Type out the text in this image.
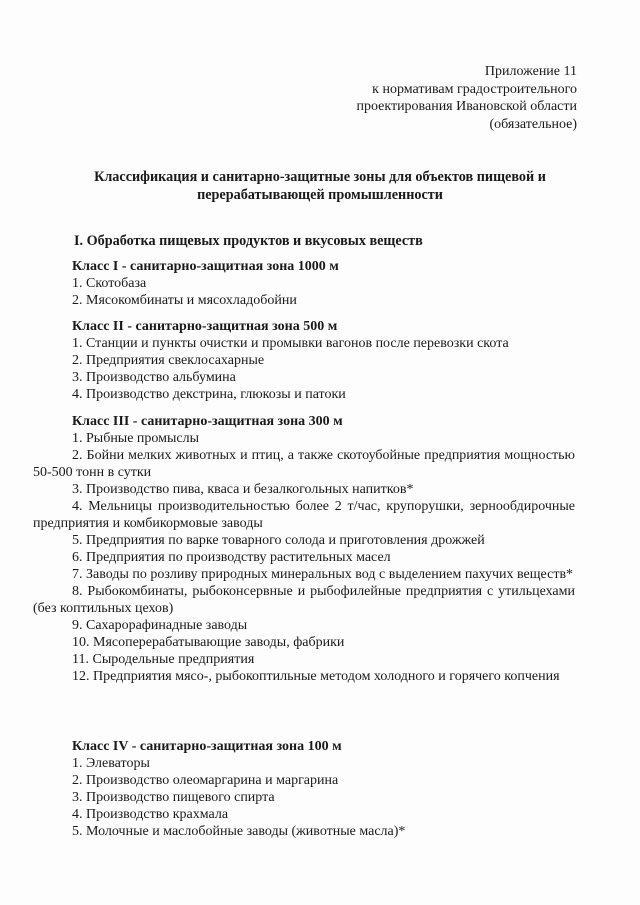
Приложение 11
к нормативам градостроительного
проектирования Ивановской области
(обязательное)
Классификация и санитарно-защитные зоны для объектов пищевой и
перерабатывающей промышленности
I. Обработка пищевых продуктов и вкусовых веществ
Класс I - санитарно-защитная зона 1000 м
1. Скотобаза
2. Мясокомбинаты и мясохладобойни
Класс II - санитарно-защитная зона 500 м
1. Станции и пункты очистки и промывки вагонов после перевозки скота
2. Предприятия свеклосахарные
3. Производство альбумина
4. Производство декстрина, глюкозы и патоки
Класс III - санитарно-защитная зона 300 м
1. Рыбные промыслы
2. Бойни мелких животных и птиц, а также скотоубойные предприятия мощностью 50-500 тонн в сутки
3. Производство пива, кваса и безалкогольных напитков*
4. Мельницы производительностью более 2 т/час, крупорушки, зернообдирочные предприятия и комбикормовые заводы
5. Предприятия по варке товарного солода и приготовления дрожжей
6. Предприятия по производству растительных масел
7. Заводы по розливу природных минеральных вод с выделением пахучих веществ*
8. Рыбокомбинаты, рыбоконсервные и рыбофилейные предприятия с утильцехами (без коптильных цехов)
9. Сахарорафинадные заводы
10. Мясоперерабатывающие заводы, фабрики
11. Сыродельные предприятия
12. Предприятия мясо-, рыбокоптильные методом холодного и горячего копчения
Класс IV - санитарно-защитная зона 100 м
1. Элеваторы
2. Производство олеомаргарина и маргарина
3. Производство пищевого спирта
4. Производство крахмала
5. Молочные и маслобойные заводы (животные масла)*
